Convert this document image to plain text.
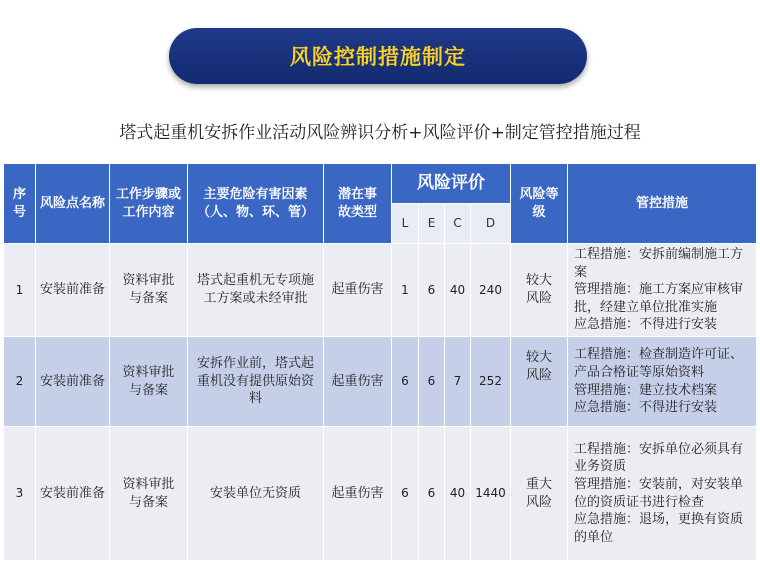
风险控制措施制定
塔式起重机安拆作业活动风险辨识分析+风险评价+制定管控措施过程
序号	风险点名称	工作步骤或工作内容	主要危险有害因素（人、物、环、管）	潜在事故类型	风险评价				风险等级	管控措施
					L	E	C	D		
1	安装前准备	资料审批与备案	塔式起重机无专项施工方案或未经审批	起重伤害	1	6	40	240	较大风险	工程措施：安拆前编制施工方案
管理措施：施工方案应审核审批，经建立单位批准实施
应急措施：不得进行安装

2	安装前准备	资料审批与备案	安拆作业前，塔式起重机没有提供原始资料	起重伤害	6	6	7	252	较大风险	工程措施：检查制造许可证、产品合格证等原始资料
管理措施：建立技术档案
应急措施：不得进行安装

3	安装前准备	资料审批与备案	安装单位无资质	起重伤害	6	6	40	1440	重大风险	工程措施：安拆单位必须具有业务资质
管理措施：安装前，对安装单位的资质证书进行检查
应急措施：退场，更换有资质的单位
